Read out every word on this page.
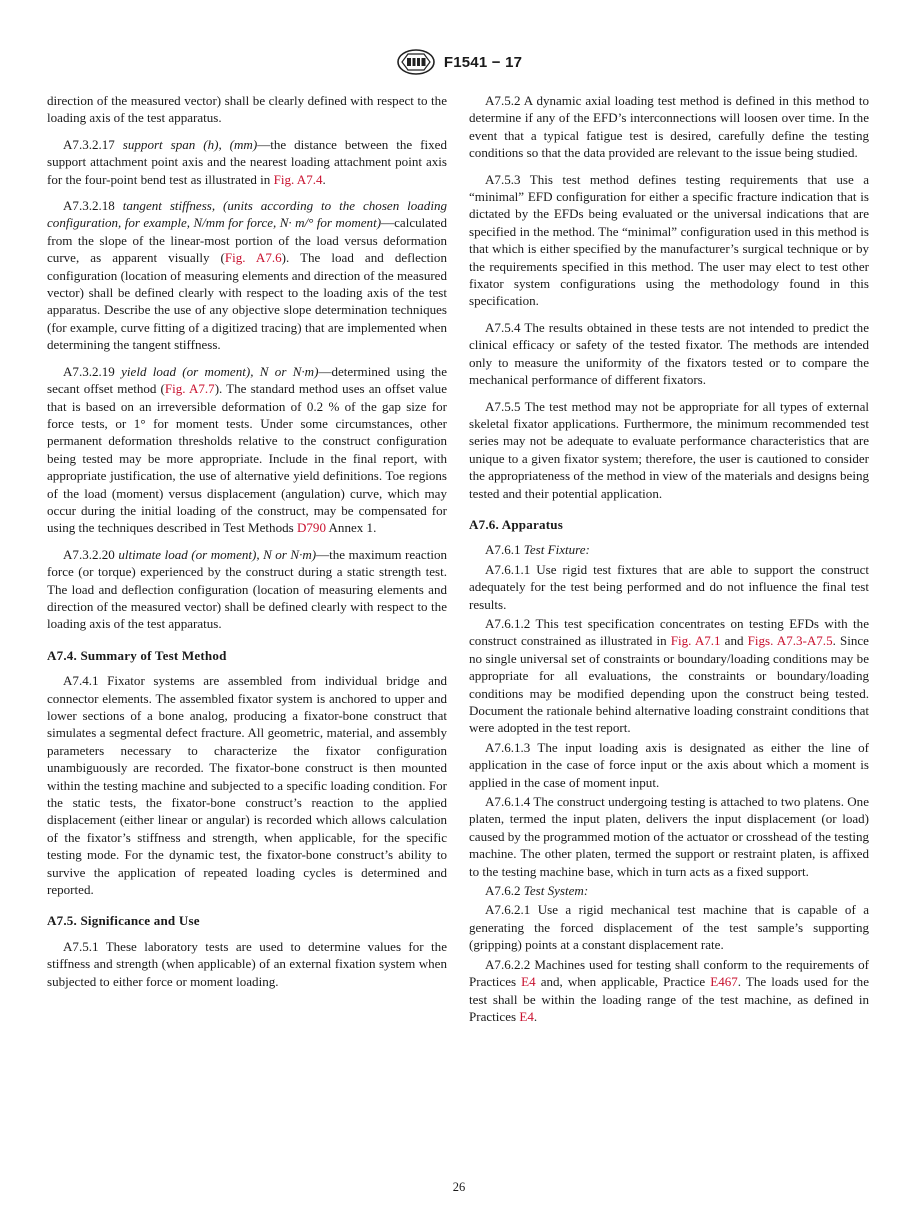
F1541 − 17

direction of the measured vector) shall be clearly defined with respect to the loading axis of the test apparatus.

A7.3.2.17 support span (h), (mm)—the distance between the fixed support attachment point axis and the nearest loading attachment point axis for the four-point bend test as illustrated in Fig. A7.4.

A7.3.2.18 tangent stiffness, (units according to the chosen loading configuration, for example, N/mm for force, N· m/° for moment)—calculated from the slope of the linear-most portion of the load versus deformation curve, as apparent visually (Fig. A7.6). The load and deflection configuration (location of measuring elements and direction of the measured vector) shall be defined clearly with respect to the loading axis of the test apparatus. Describe the use of any objective slope determination techniques (for example, curve fitting of a digitized tracing) that are implemented when determining the tangent stiffness.

A7.3.2.19 yield load (or moment), N or N·m)—determined using the secant offset method (Fig. A7.7). The standard method uses an offset value that is based on an irreversible deformation of 0.2 % of the gap size for force tests, or 1° for moment tests. Under some circumstances, other permanent deformation thresholds relative to the construct configuration being tested may be more appropriate. Include in the final report, with appropriate justification, the use of alternative yield definitions. Toe regions of the load (moment) versus displacement (angulation) curve, which may occur during the initial loading of the construct, may be compensated for using the techniques described in Test Methods D790 Annex 1.

A7.3.2.20 ultimate load (or moment), N or N·m)—the maximum reaction force (or torque) experienced by the construct during a static strength test. The load and deflection configuration (location of measuring elements and direction of the measured vector) shall be defined clearly with respect to the loading axis of the test apparatus.

A7.4. Summary of Test Method

A7.4.1 Fixator systems are assembled from individual bridge and connector elements. The assembled fixator system is anchored to upper and lower sections of a bone analog, producing a fixator-bone construct that simulates a segmental defect fracture. All geometric, material, and assembly parameters necessary to characterize the fixator configuration unambiguously are recorded. The fixator-bone construct is then mounted within the testing machine and subjected to a specific loading condition. For the static tests, the fixator-bone construct’s reaction to the applied displacement (either linear or angular) is recorded which allows calculation of the fixator’s stiffness and strength, when applicable, for the specific testing mode. For the dynamic test, the fixator-bone construct’s ability to survive the application of repeated loading cycles is determined and reported.

A7.5. Significance and Use

A7.5.1 These laboratory tests are used to determine values for the stiffness and strength (when applicable) of an external fixation system when subjected to either force or moment loading.

A7.5.2 A dynamic axial loading test method is defined in this method to determine if any of the EFD’s interconnections will loosen over time. In the event that a typical fatigue test is desired, carefully define the testing conditions so that the data provided are relevant to the issue being studied.

A7.5.3 This test method defines testing requirements that use a “minimal” EFD configuration for either a specific fracture indication that is dictated by the EFDs being evaluated or the universal indications that are specified in the method. The “minimal” configuration used in this method is that which is either specified by the manufacturer’s surgical technique or by the requirements specified in this method. The user may elect to test other fixator system configurations using the methodology found in this specification.

A7.5.4 The results obtained in these tests are not intended to predict the clinical efficacy or safety of the tested fixator. The methods are intended only to measure the uniformity of the fixators tested or to compare the mechanical performance of different fixators.

A7.5.5 The test method may not be appropriate for all types of external skeletal fixator applications. Furthermore, the minimum recommended test series may not be adequate to evaluate performance characteristics that are unique to a given fixator system; therefore, the user is cautioned to consider the appropriateness of the method in view of the materials and designs being tested and their potential application.

A7.6. Apparatus

A7.6.1 Test Fixture:

A7.6.1.1 Use rigid test fixtures that are able to support the construct adequately for the test being performed and do not influence the final test results.

A7.6.1.2 This test specification concentrates on testing EFDs with the construct constrained as illustrated in Fig. A7.1 and Figs. A7.3-A7.5. Since no single universal set of constraints or boundary/loading conditions may be appropriate for all evaluations, the constraints or boundary/loading conditions may be modified depending upon the construct being tested. Document the rationale behind alternative loading constraint conditions that were adopted in the test report.

A7.6.1.3 The input loading axis is designated as either the line of application in the case of force input or the axis about which a moment is applied in the case of moment input.

A7.6.1.4 The construct undergoing testing is attached to two platens. One platen, termed the input platen, delivers the input displacement (or load) caused by the programmed motion of the actuator or crosshead of the testing machine. The other platen, termed the support or restraint platen, is affixed to the testing machine base, which in turn acts as a fixed support.

A7.6.2 Test System:

A7.6.2.1 Use a rigid mechanical test machine that is capable of a generating the forced displacement of the test sample’s supporting (gripping) points at a constant displacement rate.

A7.6.2.2 Machines used for testing shall conform to the requirements of Practices E4 and, when applicable, Practice E467. The loads used for the test shall be within the loading range of the test machine, as defined in Practices E4.

26
